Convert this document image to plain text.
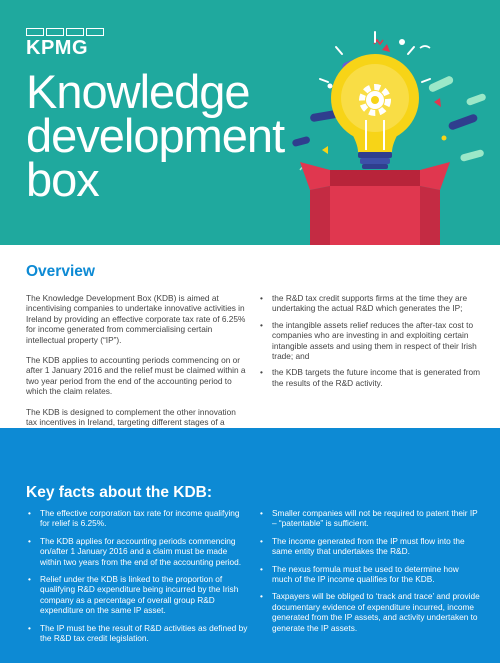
KPMG
Knowledge
development
box
Overview

The Knowledge Development Box (KDB) is aimed at incentivising companies to undertake innovative activities in Ireland by providing an effective corporate tax rate of 6.25% for income generated from commercialising certain intellectual property (“IP”).

The KDB applies to accounting periods commencing on or after 1 January 2016 and the relief must be claimed within a two year period from the end of the accounting period to which the claim relates.

The KDB is designed to complement the other innovation tax incentives in Ireland, targeting different stages of a

• the R&D tax credit supports firms at the time they are undertaking the actual R&D which generates the IP;
• the intangible assets relief reduces the after-tax cost to companies who are investing in and exploiting certain intangible assets and using them in respect of their Irish trade; and
• the KDB targets the future income that is generated from the results of the R&D activity.
Key facts about the KDB:
• The effective corporation tax rate for income qualifying for relief is 6.25%.
• The KDB applies for accounting periods commencing on/after 1 January 2016 and a claim must be made within two years from the end of the accounting period.
• Relief under the KDB is linked to the proportion of qualifying R&D expenditure being incurred by the Irish company as a percentage of overall group R&D expenditure on the same IP asset.
• The IP must be the result of R&D activities as defined by the R&D tax credit legislation.
• Smaller companies will not be required to patent their IP – “patentable” is sufficient.
• The income generated from the IP must flow into the same entity that undertakes the R&D.
• The nexus formula must be used to determine how much of the IP income qualifies for the KDB.
• Taxpayers will be obliged to ‘track and trace’ and provide documentary evidence of expenditure incurred, income generated from the IP assets, and activity undertaken to generate the IP assets.
